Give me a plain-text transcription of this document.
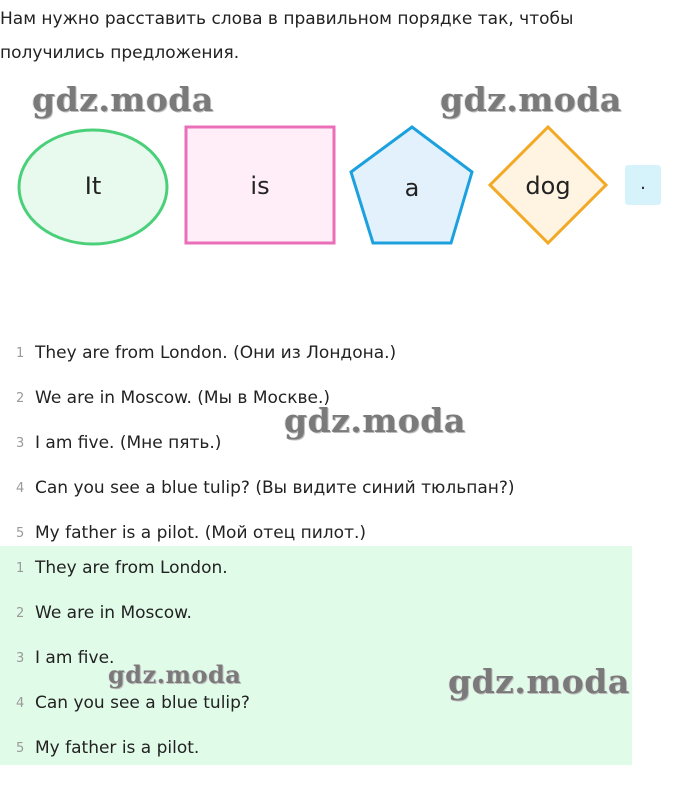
Нам нужно расставить слова в правильном порядке так, чтобы получились предложения.
gdz.moda	gdz.moda
It	is	a	dog	.
1 They are from London. (Они из Лондона.)
2 We are in Moscow. (Мы в Москве.)
3 I am five. (Мне пять.)
4 Can you see a blue tulip? (Вы видите синий тюльпан?)
5 My father is a pilot. (Мой отец пилот.)
1 They are from London.
2 We are in Moscow.
3 I am five.
4 Can you see a blue tulip?
5 My father is a pilot.
gdz.moda
gdz.moda	gdz.moda
